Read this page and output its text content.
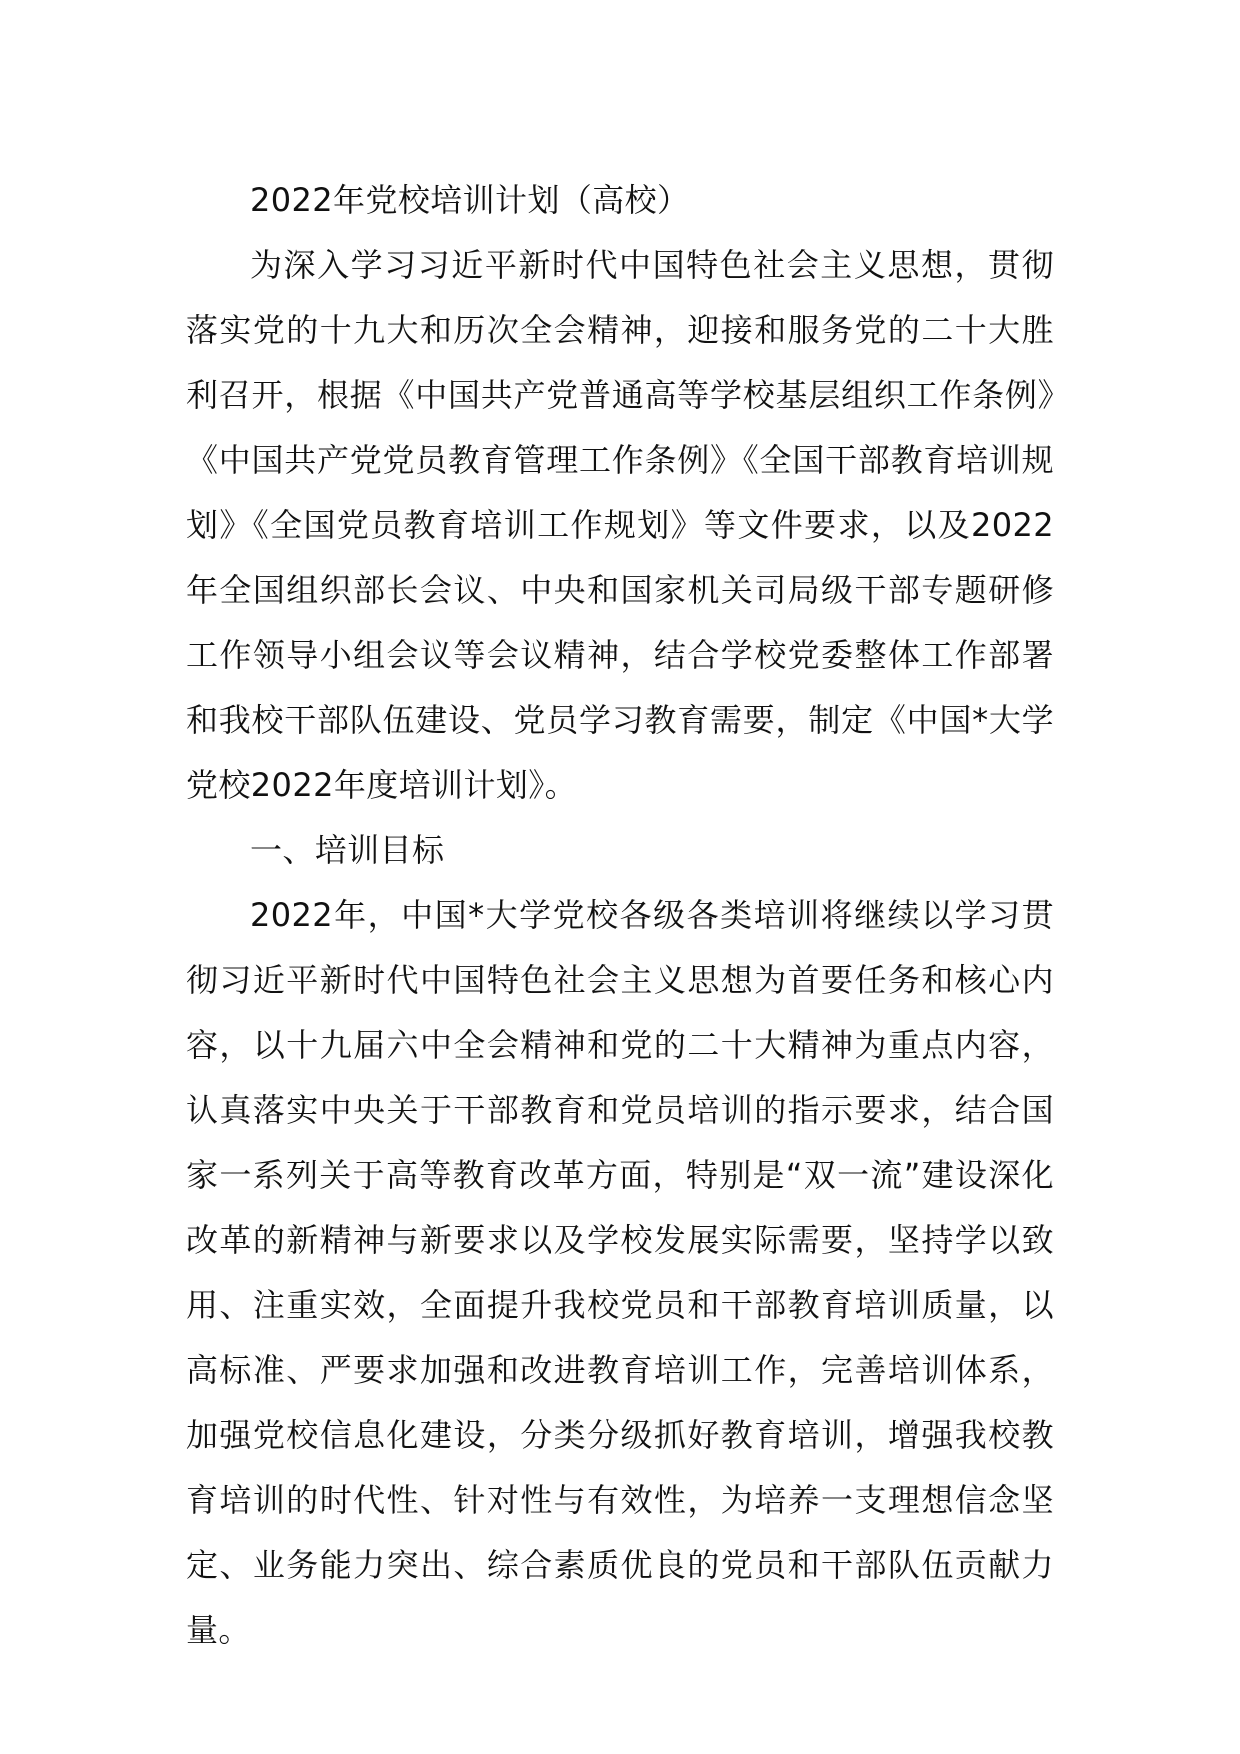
2022年党校培训计划（高校）

为深入学习习近平新时代中国特色社会主义思想，贯彻落实党的十九大和历次全会精神，迎接和服务党的二十大胜利召开，根据《中国共产党普通高等学校基层组织工作条例》《中国共产党党员教育管理工作条例》《全国干部教育培训规划》《全国党员教育培训工作规划》等文件要求，以及2022年全国组织部长会议、中央和国家机关司局级干部专题研修工作领导小组会议等会议精神，结合学校党委整体工作部署和我校干部队伍建设、党员学习教育需要，制定《中国*大学党校2022年度培训计划》。

一、培训目标

2022年，中国*大学党校各级各类培训将继续以学习贯彻习近平新时代中国特色社会主义思想为首要任务和核心内容，以十九届六中全会精神和党的二十大精神为重点内容，认真落实中央关于干部教育和党员培训的指示要求，结合国家一系列关于高等教育改革方面，特别是“双一流”建设深化改革的新精神与新要求以及学校发展实际需要，坚持学以致用、注重实效，全面提升我校党员和干部教育培训质量，以高标准、严要求加强和改进教育培训工作，完善培训体系，加强党校信息化建设，分类分级抓好教育培训，增强我校教育培训的时代性、针对性与有效性，为培养一支理想信念坚定、业务能力突出、综合素质优良的党员和干部队伍贡献力量。
